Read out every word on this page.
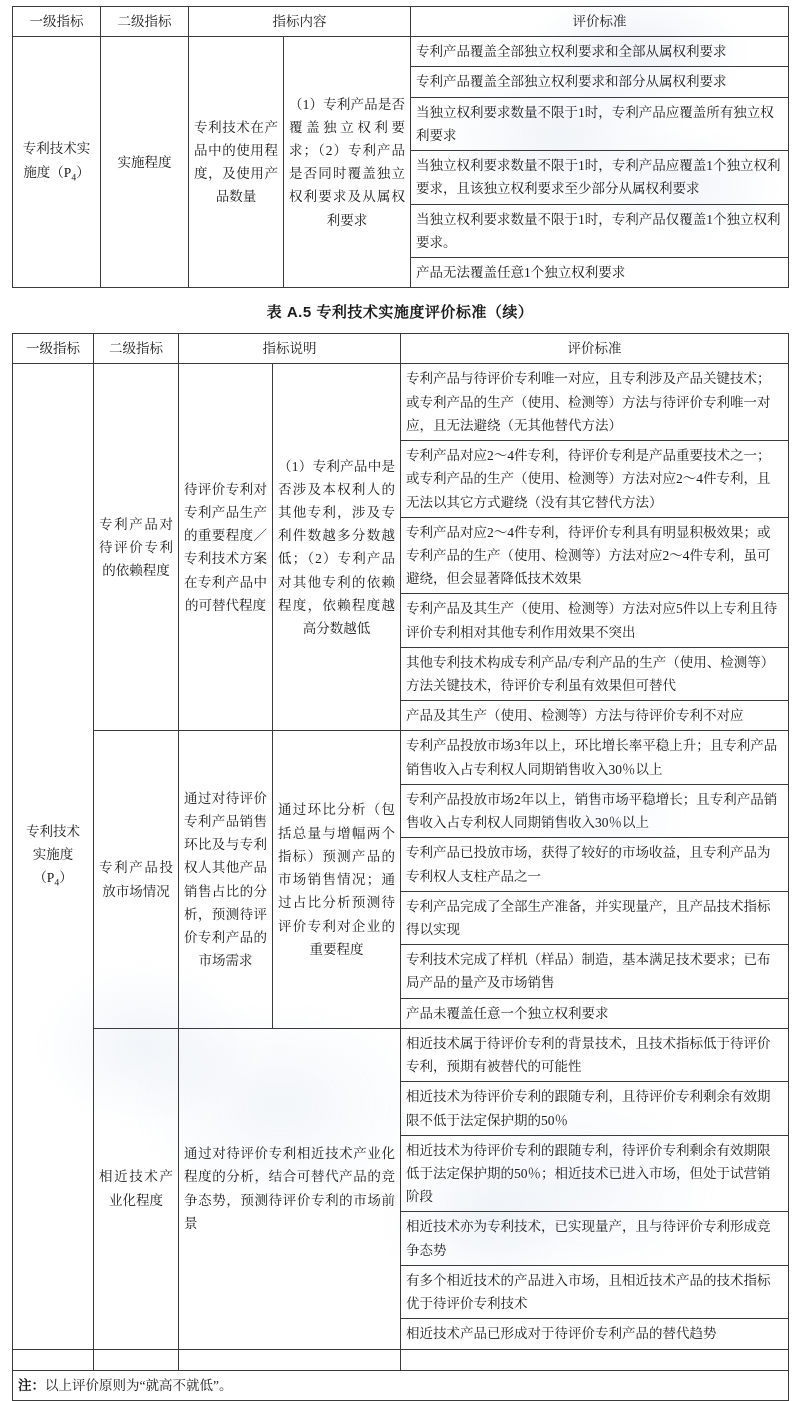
一级指标	二级指标	指标内容		评价标准
专利技术实
施度$(P_4)$	实施程度	专利技术在产品中的使用程度，及使用产品数量	（1）专利产品是否覆盖独立权利要求；（2）专利产品是否同时覆盖独立权利要求及从属权利要求	专利产品覆盖全部独立权利要求和全部从属权利要求
				专利产品覆盖全部独立权利要求和部分从属权利要求
				当独立权利要求数量不限于1时，专利产品应覆盖所有独立权利要求
				当独立权利要求数量不限于1时，专利产品应覆盖1个独立权利要求，且该独立权利要求至少部分从属权利要求
				当独立权利要求数量不限于1时，专利产品仅覆盖1个独立权利要求。
				产品无法覆盖任意1个独立权利要求
表 A.5 专利技术实施度评价标准（续）
一级指标	二级指标	指标说明		评价标准
专利技术
实施度
$(P_4)$	专利产品对待评价专利的依赖程度	待评价专利对专利产品生产的重要程度／专利技术方案在专利产品中的可替代程度	（1）专利产品中是否涉及本权利人的其他专利，涉及专利件数越多分数越低；（2）专利产品对其他专利的依赖程度，依赖程度越高分数越低	专利产品与待评价专利唯一对应，且专利涉及产品关键技术；或专利产品的生产（使用、检测等）方法与待评价专利唯一对应，且无法避绕（无其他替代方法）
				专利产品对应2～4件专利，待评价专利是产品重要技术之一；或专利产品的生产（使用、检测等）方法对应2～4件专利，且无法以其它方式避绕（没有其它替代方法）
				专利产品对应2～4件专利，待评价专利具有明显积极效果；或专利产品的生产（使用、检测等）方法对应2～4件专利，虽可避绕，但会显著降低技术效果
				专利产品及其生产（使用、检测等）方法对应5件以上专利且待评价专利相对其他专利作用效果不突出
				其他专利技术构成专利产品/专利产品的生产（使用、检测等）方法关键技术，待评价专利虽有效果但可替代
				产品及其生产（使用、检测等）方法与待评价专利不对应
	专利产品投放市场情况	通过对待评价专利产品销售环比及与专利权人其他产品销售占比的分析，预测待评价专利产品的市场需求	通过环比分析（包括总量与增幅两个指标）预测产品的市场销售情况；通过占比分析预测待评价专利对企业的重要程度	专利产品投放市场3年以上，环比增长率平稳上升；且专利产品销售收入占专利权人同期销售收入30％以上
				专利产品投放市场2年以上，销售市场平稳增长；且专利产品销售收入占专利权人同期销售收入30％以上
				专利产品已投放市场，获得了较好的市场收益，且专利产品为专利权人支柱产品之一
				专利产品完成了全部生产准备，并实现量产，且产品技术指标得以实现
				专利技术完成了样机（样品）制造，基本满足技术要求；已布局产品的量产及市场销售
				产品未覆盖任意一个独立权利要求
	相近技术产业化程度	通过对待评价专利相近技术产业化程度的分析，结合可替代产品的竞争态势，预测待评价专利的市场前景		相近技术属于待评价专利的背景技术，且技术指标低于待评价专利，预期有被替代的可能性
				相近技术为待评价专利的跟随专利，且待评价专利剩余有效期限不低于法定保护期的50％
				相近技术为待评价专利的跟随专利，待评价专利剩余有效期限低于法定保护期的50％；相近技术已进入市场，但处于试营销阶段
				相近技术亦为专利技术，已实现量产，且与待评价专利形成竞争态势
				有多个相近技术的产品进入市场，且相近技术产品的技术指标优于待评价专利技术
				相近技术产品已形成对于待评价专利产品的替代趋势

注：以上评价原则为“就高不就低”。				
